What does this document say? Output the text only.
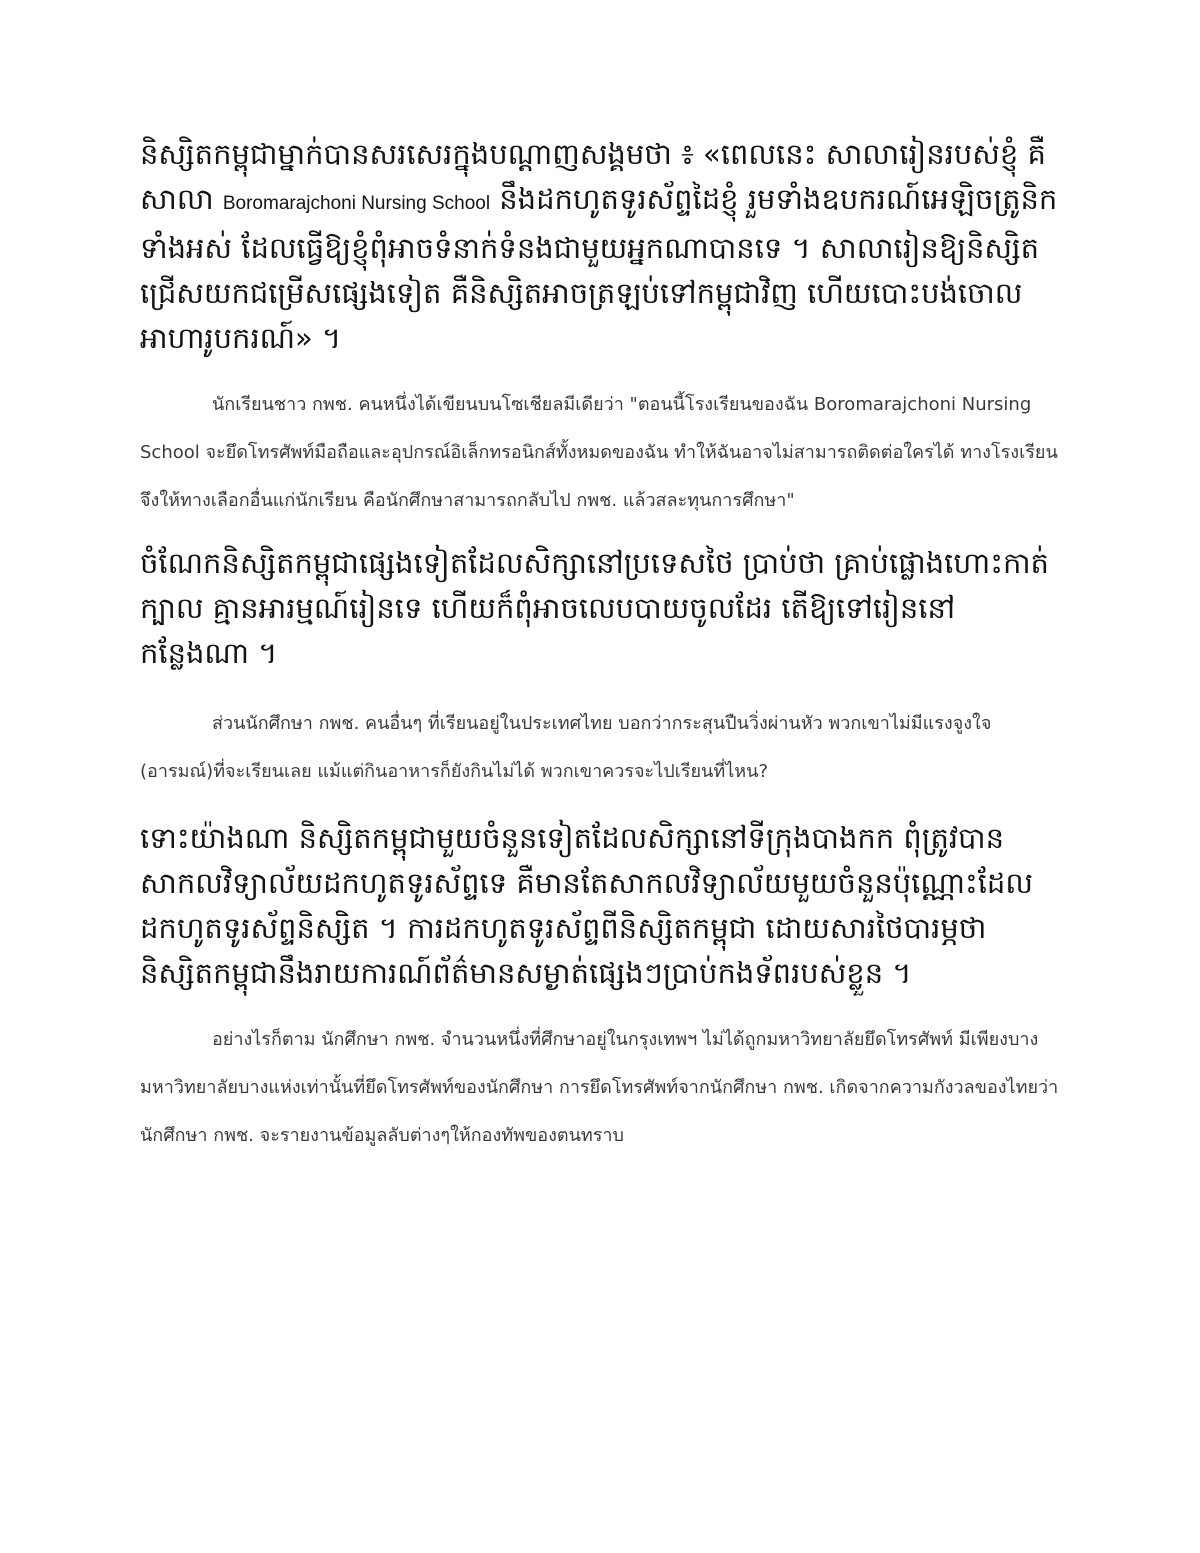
និស្សិតកម្ពុជាម្នាក់បានសរសេរក្នុងបណ្ដាញសង្គមថា ៖ «ពេលនេះ សាលារៀនរបស់ខ្ញុំ គឺសាលា Boromarajchoni Nursing School នឹងដកហូតទូរស័ព្ទដៃខ្ញុំ រួមទាំងឧបករណ៍អេឡិចត្រូនិកទាំងអស់ ដែលធ្វើឱ្យខ្ញុំពុំអាចទំនាក់ទំនងជាមួយអ្នកណាបានទេ ។ សាលារៀនឱ្យនិស្សិតជ្រើសយកជម្រើសផ្សេងទៀត គឺនិស្សិតអាចត្រឡប់ទៅកម្ពុជាវិញ ហើយបោះបង់ចោលអាហារូបករណ៍» ។

นักเรียนชาว กพช. คนหนึ่งได้เขียนบนโซเชียลมีเดียว่า "ตอนนี้โรงเรียนของฉัน Boromarajchoni Nursing School จะยึดโทรศัพท์มือถือและอุปกรณ์อิเล็กทรอนิกส์ทั้งหมดของฉัน ทำให้ฉันอาจไม่สามารถติดต่อใครได้ ทางโรงเรียนจึงให้ทางเลือกอื่นแก่นักเรียน คือนักศึกษาสามารถกลับไป กพช. แล้วสละทุนการศึกษา"

ចំណែកនិស្សិតកម្ពុជាផ្សេងទៀតដែលសិក្សានៅប្រទេសថៃ ប្រាប់ថា គ្រាប់ផ្លោងហោះកាត់ក្បាល គ្មានអារម្មណ៍រៀនទេ ហើយក៏ពុំអាចលេបបាយចូលដែរ តើឱ្យទៅរៀននៅកន្លែងណា ។

ส่วนนักศึกษา กพช. คนอื่นๆ ที่เรียนอยู่ในประเทศไทย บอกว่ากระสุนปืนวิ่งผ่านหัว พวกเขาไม่มีแรงจูงใจ (อารมณ์)ที่จะเรียนเลย แม้แต่กินอาหารก็ยังกินไม่ได้ พวกเขาควรจะไปเรียนที่ไหน?

ទោះយ៉ាងណា និស្សិតកម្ពុជាមួយចំនួនទៀតដែលសិក្សានៅទីក្រុងបាងកក ពុំត្រូវបានសាកលវិទ្យាល័យដកហូតទូរស័ព្ទទេ គឺមានតែសាកលវិទ្យាល័យមួយចំនួនប៉ុណ្ណោះដែលដកហូតទូរស័ព្ទនិស្សិត ។ ការដកហូតទូរស័ព្ទពីនិស្សិតកម្ពុជា ដោយសារថៃបារម្ភថា និស្សិតកម្ពុជានឹងរាយការណ៍ព័ត៌មានសម្ងាត់ផ្សេងៗប្រាប់កងទ័ពរបស់ខ្លួន ។

อย่างไรก็ตาม นักศึกษา กพช. จำนวนหนึ่งที่ศึกษาอยู่ในกรุงเทพฯ ไม่ได้ถูกมหาวิทยาลัยยึดโทรศัพท์ มีเพียงบางมหาวิทยาลัยบางแห่งเท่านั้นที่ยึดโทรศัพท์ของนักศึกษา การยึดโทรศัพท์จากนักศึกษา กพช. เกิดจากความกังวลของไทยว่านักศึกษา กพช. จะรายงานข้อมูลลับต่างๆให้กองทัพของตนทราบ
